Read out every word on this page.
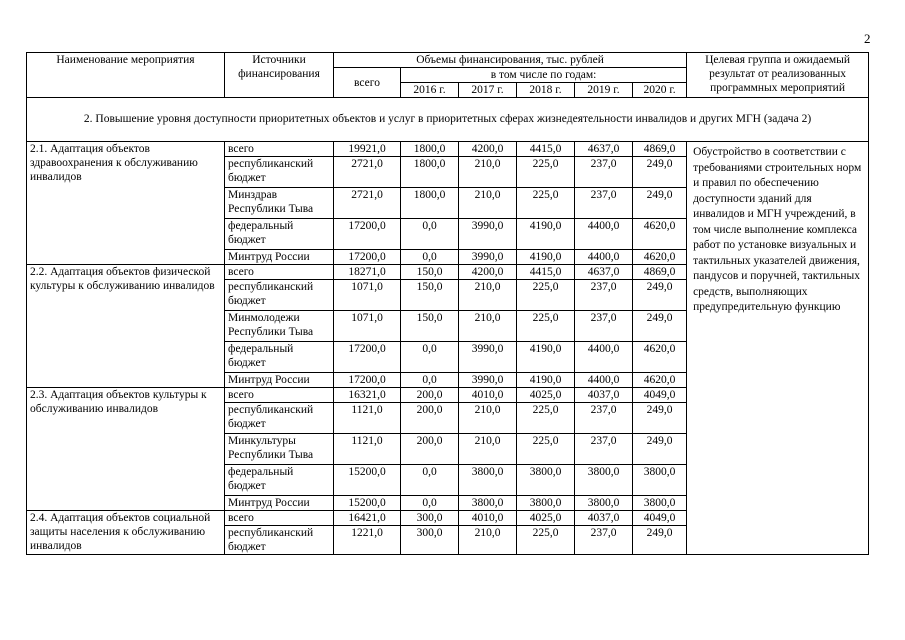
2
Наименование мероприятия	Источники финансирования	Объемы финансирования, тыс. рублей						Целевая группа и ожидаемый результат от реализованных программных мероприятий
		всего	в том числе по годам:					
			2016 г.	2017 г.	2018 г.	2019 г.	2020 г.	
2. Повышение уровня доступности приоритетных объектов и услуг в приоритетных сферах жизнедеятельности инвалидов и других МГН (задача 2)								
2.1. Адаптация объектов здравоохранения к обслуживанию инвалидов	всего	19921,0	1800,0	4200,0	4415,0	4637,0	4869,0	Обустройство в соответствии с требованиями строительных норм и правил по обеспечению доступности зданий для инвалидов и МГН учреждений, в том числе выполнение комплекса работ по установке визуальных и тактильных указателей движения, пандусов и поручней, тактильных средств, выполняющих предупредительную функцию
	республиканский бюджет	2721,0	1800,0	210,0	225,0	237,0	249,0	
	Минздрав Республики Тыва	2721,0	1800,0	210,0	225,0	237,0	249,0	
	федеральный бюджет	17200,0	0,0	3990,0	4190,0	4400,0	4620,0	
	Минтруд России	17200,0	0,0	3990,0	4190,0	4400,0	4620,0	
2.2. Адаптация объектов физической культуры к обслуживанию инвалидов	всего	18271,0	150,0	4200,0	4415,0	4637,0	4869,0	
	республиканский бюджет	1071,0	150,0	210,0	225,0	237,0	249,0	
	Минмолодежи Республики Тыва	1071,0	150,0	210,0	225,0	237,0	249,0	
	федеральный бюджет	17200,0	0,0	3990,0	4190,0	4400,0	4620,0	
	Минтруд России	17200,0	0,0	3990,0	4190,0	4400,0	4620,0	
2.3. Адаптация объектов культуры к обслуживанию инвалидов	всего	16321,0	200,0	4010,0	4025,0	4037,0	4049,0	
	республиканский бюджет	1121,0	200,0	210,0	225,0	237,0	249,0	
	Минкультуры Республики Тыва	1121,0	200,0	210,0	225,0	237,0	249,0	
	федеральный бюджет	15200,0	0,0	3800,0	3800,0	3800,0	3800,0	
	Минтруд России	15200,0	0,0	3800,0	3800,0	3800,0	3800,0	
2.4. Адаптация объектов социальной защиты населения к обслуживанию инвалидов	всего	16421,0	300,0	4010,0	4025,0	4037,0	4049,0	
	республиканский бюджет	1221,0	300,0	210,0	225,0	237,0	249,0	
